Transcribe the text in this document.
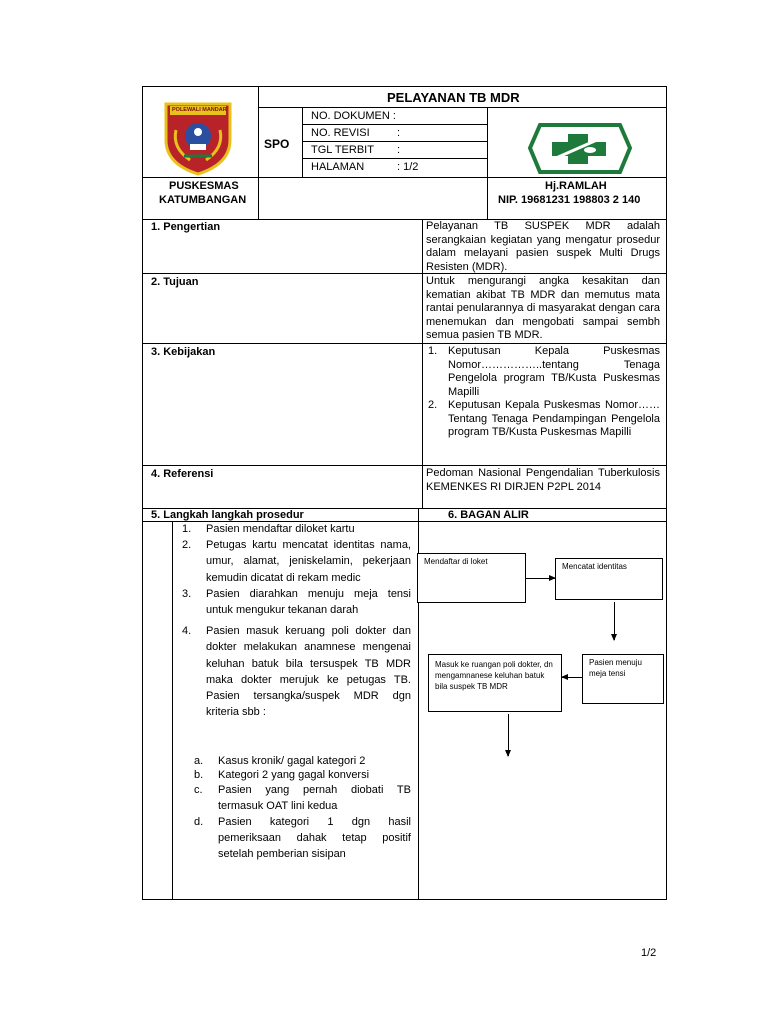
POLEWALI MANDAR
PELAYANAN TB MDR
SPO
NO. DOKUMEN :
NO. REVISI :
TGL TERBIT :
HALAMAN	: 1/2
PUSKESMAS
KATUMBANGAN
Hj.RAMLAH
NIP. 19681231 198803 2 140
1. Pengertian	Pelayanan TB SUSPEK MDR adalah serangkaian kegiatan yang mengatur prosedur dalam melayani pasien suspek Multi Drugs Resisten (MDR).
2. Tujuan	Untuk mengurangi angka kesakitan dan kematian akibat TB MDR dan memutus mata rantai penularannya di masyarakat dengan cara menemukan dan mengobati sampai sembh semua pasien TB MDR.
3. Kebijakan	1. Keputusan Kepala Puskesmas Nomor……………..tentang Tenaga Pengelola program TB/Kusta Puskesmas Mapilli
2. Keputusan Kepala Puskesmas Nomor…… Tentang Tenaga Pendampingan Pengelola program TB/Kusta Puskesmas Mapilli
4. Referensi	Pedoman Nasional Pengendalian Tuberkulosis KEMENKES RI DIRJEN P2PL 2014
5. Langkah langkah prosedur	6. BAGAN ALIR
1. Pasien mendaftar diloket kartu
2. Petugas kartu mencatat identitas nama, umur, alamat, jeniskelamin, pekerjaan kemudin dicatat di rekam medic
3. Pasien diarahkan menuju meja tensi untuk mengukur tekanan darah
4. Pasien masuk keruang poli dokter dan dokter melakukan anamnese mengenai keluhan batuk bila tersuspek TB MDR maka dokter merujuk ke petugas TB. Pasien tersangka/suspek MDR dgn kriteria sbb :
a. Kasus kronik/ gagal kategori 2
b. Kategori 2 yang gagal konversi
c. Pasien yang pernah diobati TB termasuk OAT lini kedua
d. Pasien kategori 1 dgn hasil pemeriksaan dahak tetap positif setelah pemberian sisipan
Mendaftar di loket
Mencatat identitas
Pasien menuju meja tensi
Masuk ke ruangan poli dokter, dn mengamnanese keluhan batuk bila suspek TB MDR
1/2
